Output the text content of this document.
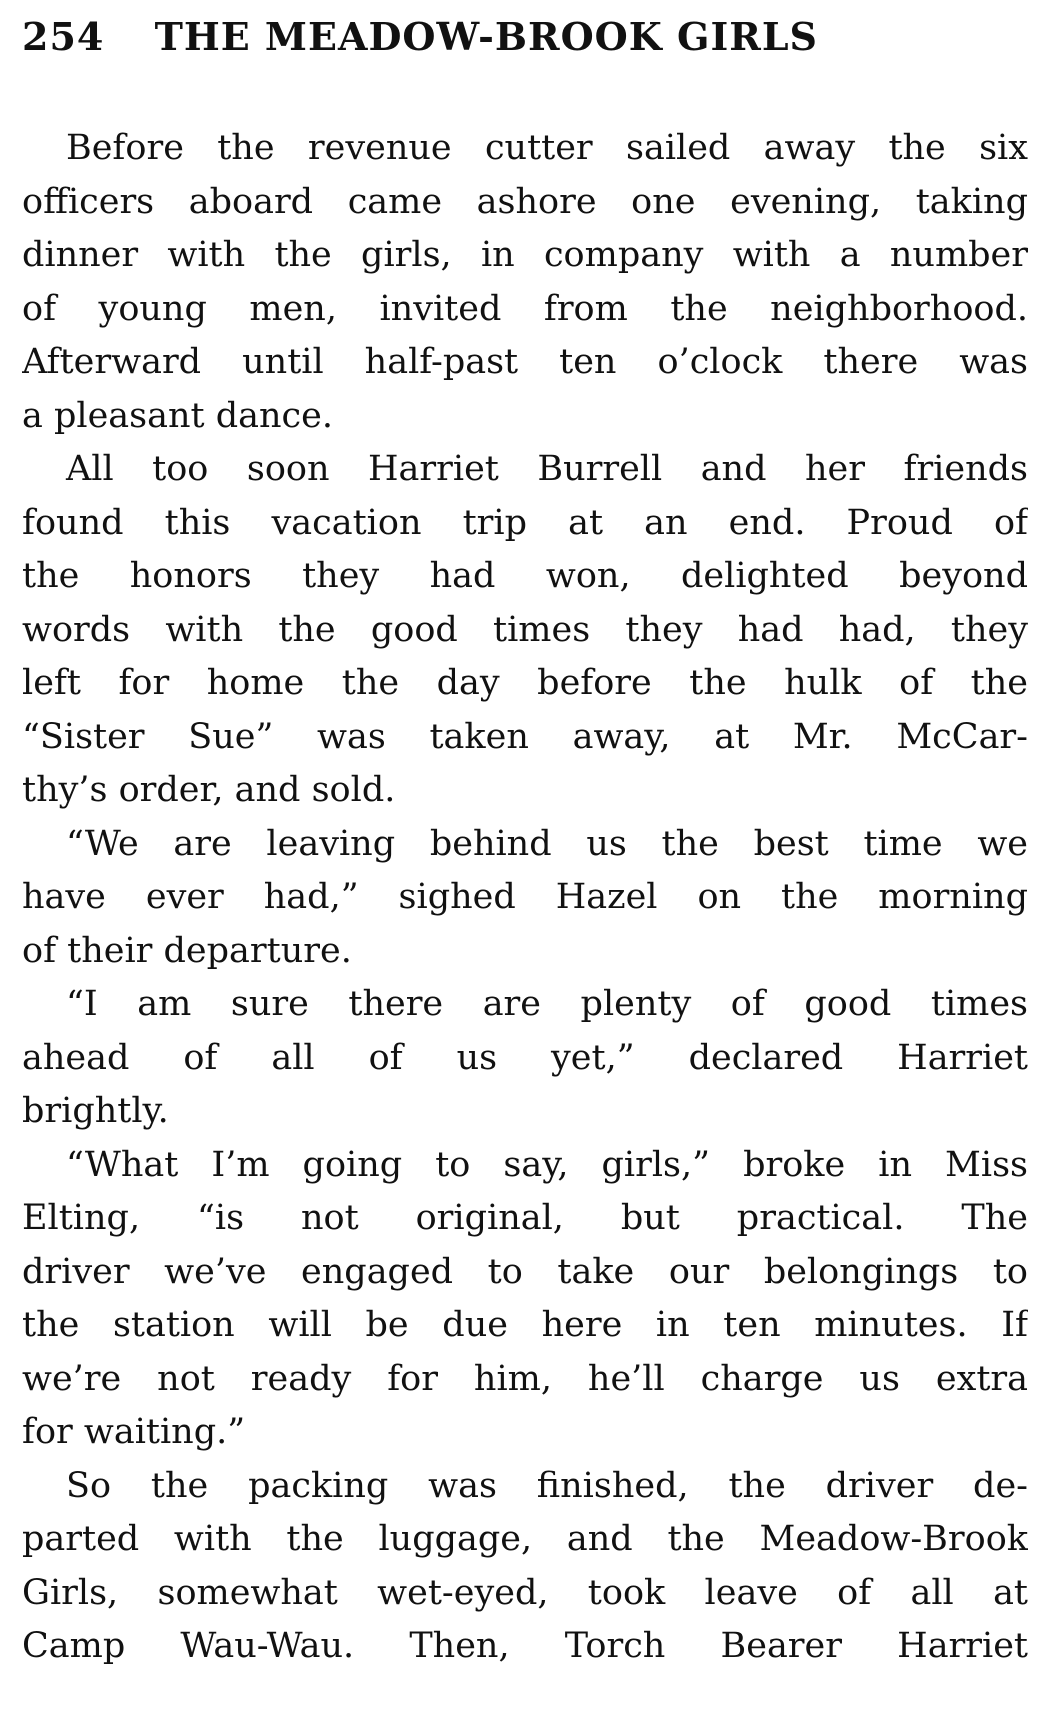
254 THE MEADOW-BROOK GIRLS
Before the revenue cutter sailed away the six
officers aboard came ashore one evening, taking
dinner with the girls, in company with a number
of young men, invited from the neighborhood.
Afterward until half-past ten o’clock there was
a pleasant dance.
All too soon Harriet Burrell and her friends
found this vacation trip at an end. Proud of
the honors they had won, delighted beyond
words with the good times they had had, they
left for home the day before the hulk of the
“Sister Sue” was taken away, at Mr. McCar-
thy’s order, and sold.
“We are leaving behind us the best time we
have ever had,” sighed Hazel on the morning
of their departure.
“I am sure there are plenty of good times
ahead of all of us yet,” declared Harriet
brightly.
“What I’m going to say, girls,” broke in Miss
Elting, “is not original, but practical. The
driver we’ve engaged to take our belongings to
the station will be due here in ten minutes. If
we’re not ready for him, he’ll charge us extra
for waiting.”
So the packing was finished, the driver de-
parted with the luggage, and the Meadow-Brook
Girls, somewhat wet-eyed, took leave of all at
Camp Wau-Wau. Then, Torch Bearer Harriet
